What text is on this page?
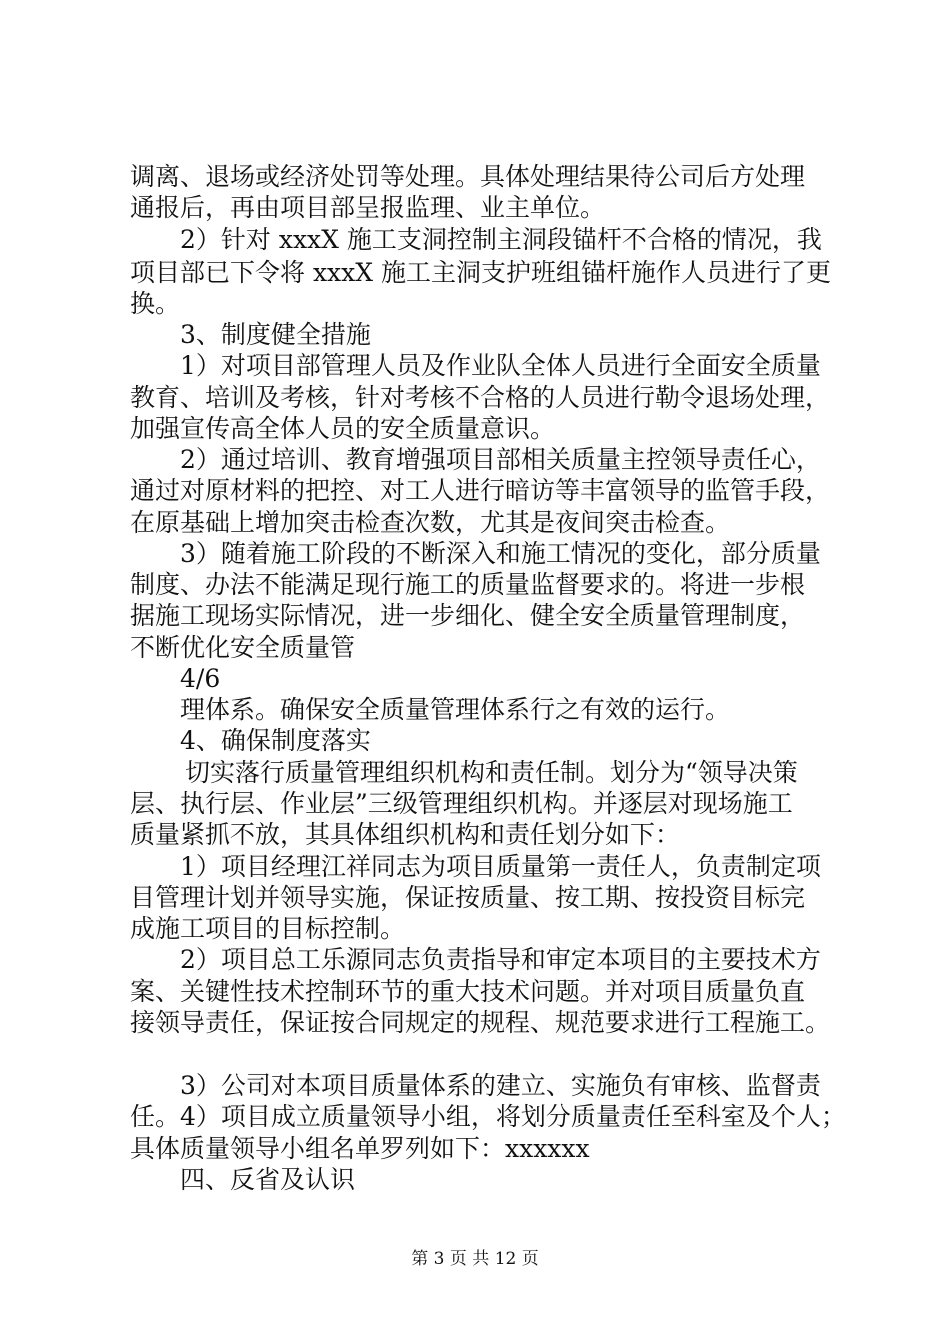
调离、退场或经济处罚等处理。具体处理结果待公司后方处理
通报后，再由项目部呈报监理、业主单位。
2）针对 xxxX 施工支洞控制主洞段锚杆不合格的情况，我
项目部已下令将 xxxX 施工主洞支护班组锚杆施作人员进行了更
换。
3、制度健全措施
1）对项目部管理人员及作业队全体人员进行全面安全质量
教育、培训及考核，针对考核不合格的人员进行勒令退场处理，
加强宣传高全体人员的安全质量意识。
2）通过培训、教育增强项目部相关质量主控领导责任心，
通过对原材料的把控、对工人进行暗访等丰富领导的监管手段，
在原基础上增加突击检查次数，尤其是夜间突击检查。
3）随着施工阶段的不断深入和施工情况的变化，部分质量
制度、办法不能满足现行施工的质量监督要求的。将进一步根
据施工现场实际情况，进一步细化、健全安全质量管理制度，
不断优化安全质量管
4/6
理体系。确保安全质量管理体系行之有效的运行。
4、确保制度落实
切实落行质量管理组织机构和责任制。划分为“领导决策
层、执行层、作业层”三级管理组织机构。并逐层对现场施工
质量紧抓不放，其具体组织机构和责任划分如下：
1）项目经理江祥同志为项目质量第一责任人，负责制定项
目管理计划并领导实施，保证按质量、按工期、按投资目标完
成施工项目的目标控制。
2）项目总工乐源同志负责指导和审定本项目的主要技术方
案、关键性技术控制环节的重大技术问题。并对项目质量负直
接领导责任，保证按合同规定的规程、规范要求进行工程施工。
3）公司对本项目质量体系的建立、实施负有审核、监督责
任。4）项目成立质量领导小组，将划分质量责任至科室及个人；
具体质量领导小组名单罗列如下：xxxxxx
四、反省及认识
第 3 页 共 12 页
